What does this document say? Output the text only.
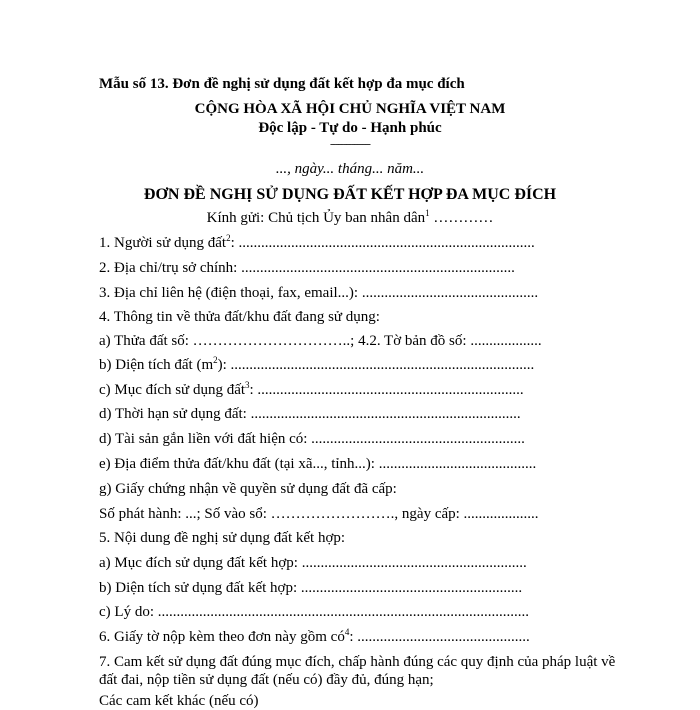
Mẫu số 13. Đơn đề nghị sử dụng đất kết hợp đa mục đích
CỘNG HÒA XÃ HỘI CHỦ NGHĨA VIỆT NAM
Độc lập - Tự do - Hạnh phúc
---------------
..., ngày... tháng... năm...
ĐƠN ĐỀ NGHỊ SỬ DỤNG ĐẤT KẾT HỢP ĐA MỤC ĐÍCH
Kính gửi: Chủ tịch Ủy ban nhân dân$^1$ …………
1. Người sử dụng đất$^2$: ...............................................................................
2. Địa chỉ/trụ sở chính: .........................................................................
3. Địa chỉ liên hệ (điện thoại, fax, email...): ...............................................
4. Thông tin về thửa đất/khu đất đang sử dụng:
a) Thửa đất số: …………………………..; 4.2. Tờ bản đồ số: ...................
b) Diện tích đất $(m^2)$: .................................................................................
c) Mục đích sử dụng đất$^3$: .......................................................................
d) Thời hạn sử dụng đất: ........................................................................
d) Tài sản gắn liền với đất hiện có: .........................................................
e) Địa điểm thửa đất/khu đất (tại xã..., tỉnh...): ..........................................
g) Giấy chứng nhận về quyền sử dụng đất đã cấp:
Số phát hành: ...; Số vào sổ: ……………………., ngày cấp: ....................
5. Nội dung đề nghị sử dụng đất kết hợp:
a) Mục đích sử dụng đất kết hợp: ............................................................
b) Diện tích sử dụng đất kết hợp: ...........................................................
c) Lý do: ...................................................................................................
6. Giấy tờ nộp kèm theo đơn này gồm $có^4$: ..............................................
7. Cam kết sử dụng đất đúng mục đích, chấp hành đúng các quy định của pháp luật về
đất đai, nộp tiền sử dụng đất (nếu có) đầy đủ, đúng hạn;
Các cam kết khác (nếu có)
